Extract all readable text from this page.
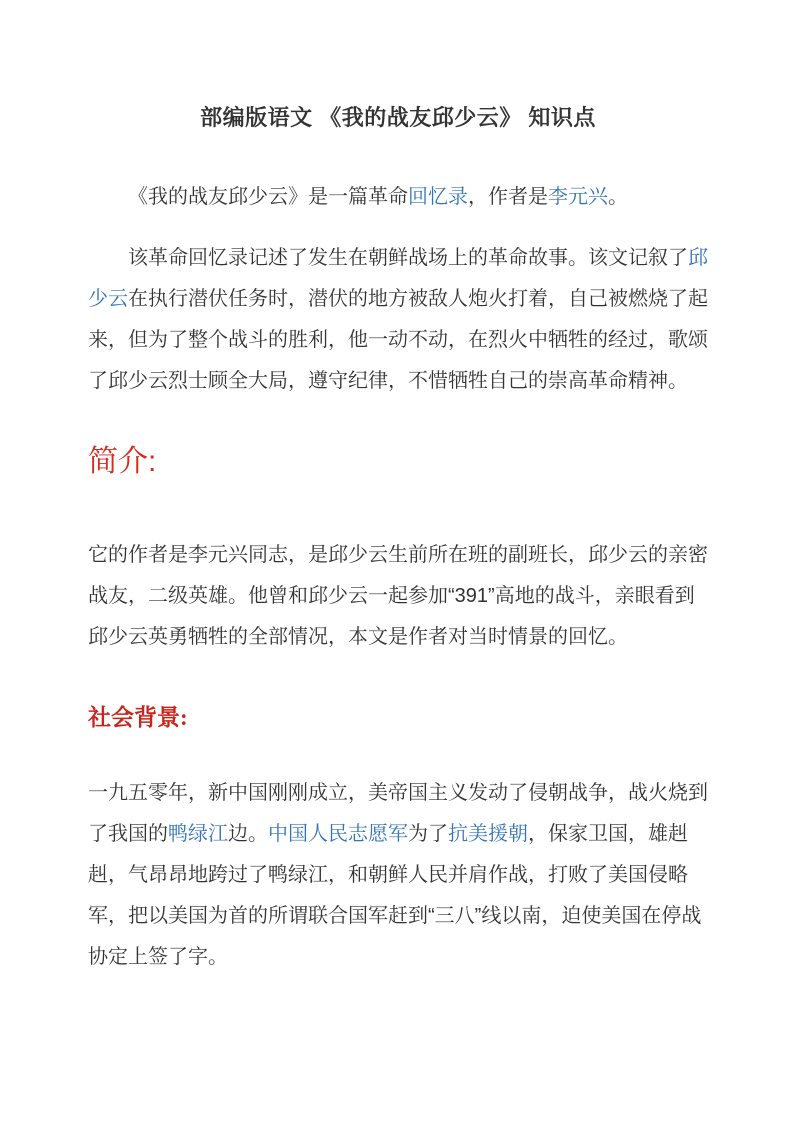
部编版语文 《我的战友邱少云》 知识点

《我的战友邱少云》是一篇革命回忆录，作者是李元兴。

该革命回忆录记述了发生在朝鲜战场上的革命故事。该文记叙了邱少云在执行潜伏任务时，潜伏的地方被敌人炮火打着，自己被燃烧了起来，但为了整个战斗的胜利，他一动不动，在烈火中牺牲的经过，歌颂了邱少云烈士顾全大局，遵守纪律，不惜牺牲自己的崇高革命精神。

简介:

它的作者是李元兴同志，是邱少云生前所在班的副班长，邱少云的亲密战友，二级英雄。他曾和邱少云一起参加“391”高地的战斗，亲眼看到邱少云英勇牺牲的全部情况，本文是作者对当时情景的回忆。

社会背景:

一九五零年，新中国刚刚成立，美帝国主义发动了侵朝战争，战火烧到了我国的鸭绿江边。中国人民志愿军为了抗美援朝，保家卫国，雄赳赳，气昂昂地跨过了鸭绿江，和朝鲜人民并肩作战，打败了美国侵略军，把以美国为首的所谓联合国军赶到“三八”线以南，迫使美国在停战协定上签了字。
